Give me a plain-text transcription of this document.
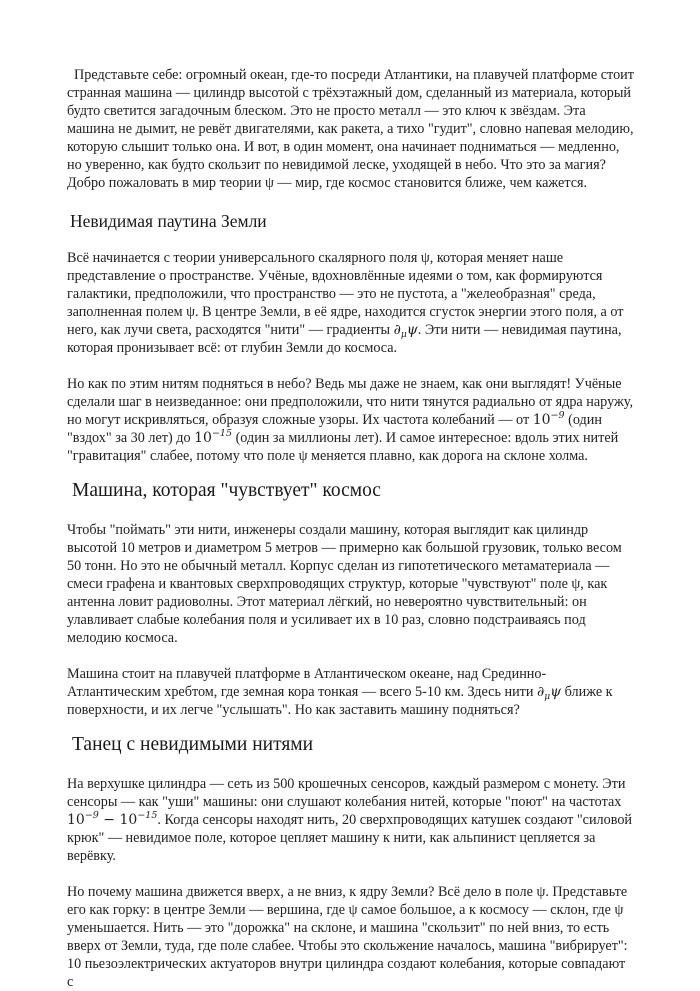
Представьте себе: огромный океан, где-то посреди Атлантики, на плавучей платформе стоит странная машина — цилиндр высотой с трёхэтажный дом, сделанный из материала, который будто светится загадочным блеском. Это не просто металл — это ключ к звёздам. Эта машина не дымит, не ревёт двигателями, как ракета, а тихо "гудит", словно напевая мелодию, которую слышит только она. И вот, в один момент, она начинает подниматься — медленно, но уверенно, как будто скользит по невидимой леске, уходящей в небо. Что это за магия? Добро пожаловать в мир теории ψ — мир, где космос становится ближе, чем кажется.

Невидимая паутина Земли

Всё начинается с теории универсального скалярного поля ψ, которая меняет наше представление о пространстве. Учёные, вдохновлённые идеями о том, как формируются галактики, предположили, что пространство — это не пустота, а "желеобразная" среда, заполненная полем ψ. В центре Земли, в её ядре, находится сгусток энергии этого поля, а от него, как лучи света, расходятся "нити" — градиенты $\partial_\mu\psi$. Эти нити — невидимая паутина, которая пронизывает всё: от глубин Земли до космоса.

Но как по этим нитям подняться в небо? Ведь мы даже не знаем, как они выглядят! Учёные сделали шаг в неизведанное: они предположили, что нити тянутся радиально от ядра наружу, но могут искривляться, образуя сложные узоры. Их частота колебаний — от $10^{-9}$ (один "вздох" за 30 лет) до $10^{-15}$ (один за миллионы лет). И самое интересное: вдоль этих нитей "гравитация" слабее, потому что поле ψ меняется плавно, как дорога на склоне холма.

Машина, которая "чувствует" космос

Чтобы "поймать" эти нити, инженеры создали машину, которая выглядит как цилиндр высотой 10 метров и диаметром 5 метров — примерно как большой грузовик, только весом 50 тонн. Но это не обычный металл. Корпус сделан из гипотетического метаматериала — смеси графена и квантовых сверхпроводящих структур, которые "чувствуют" поле ψ, как антенна ловит радиоволны. Этот материал лёгкий, но невероятно чувствительный: он улавливает слабые колебания поля и усиливает их в 10 раз, словно подстраиваясь под мелодию космоса.

Машина стоит на плавучей платформе в Атлантическом океане, над Срединно-Атлантическим хребтом, где земная кора тонкая — всего 5-10 км. Здесь нити $\partial_\mu\psi$ ближе к поверхности, и их легче "услышать". Но как заставить машину подняться?

Танец с невидимыми нитями

На верхушке цилиндра — сеть из 500 крошечных сенсоров, каждый размером с монету. Эти сенсоры — как "уши" машины: они слушают колебания нитей, которые "поют" на частотах $10^{-9} - 10^{-15}$. Когда сенсоры находят нить, 20 сверхпроводящих катушек создают "силовой крюк" — невидимое поле, которое цепляет машину к нити, как альпинист цепляется за верёвку.

Но почему машина движется вверх, а не вниз, к ядру Земли? Всё дело в поле ψ. Представьте его как горку: в центре Земли — вершина, где ψ самое большое, а к космосу — склон, где ψ уменьшается. Нить — это "дорожка" на склоне, и машина "скользит" по ней вниз, то есть вверх от Земли, туда, где поле слабее. Чтобы это скольжение началось, машина "вибрирует": 10 пьезоэлектрических актуаторов внутри цилиндра создают колебания, которые совпадают с
